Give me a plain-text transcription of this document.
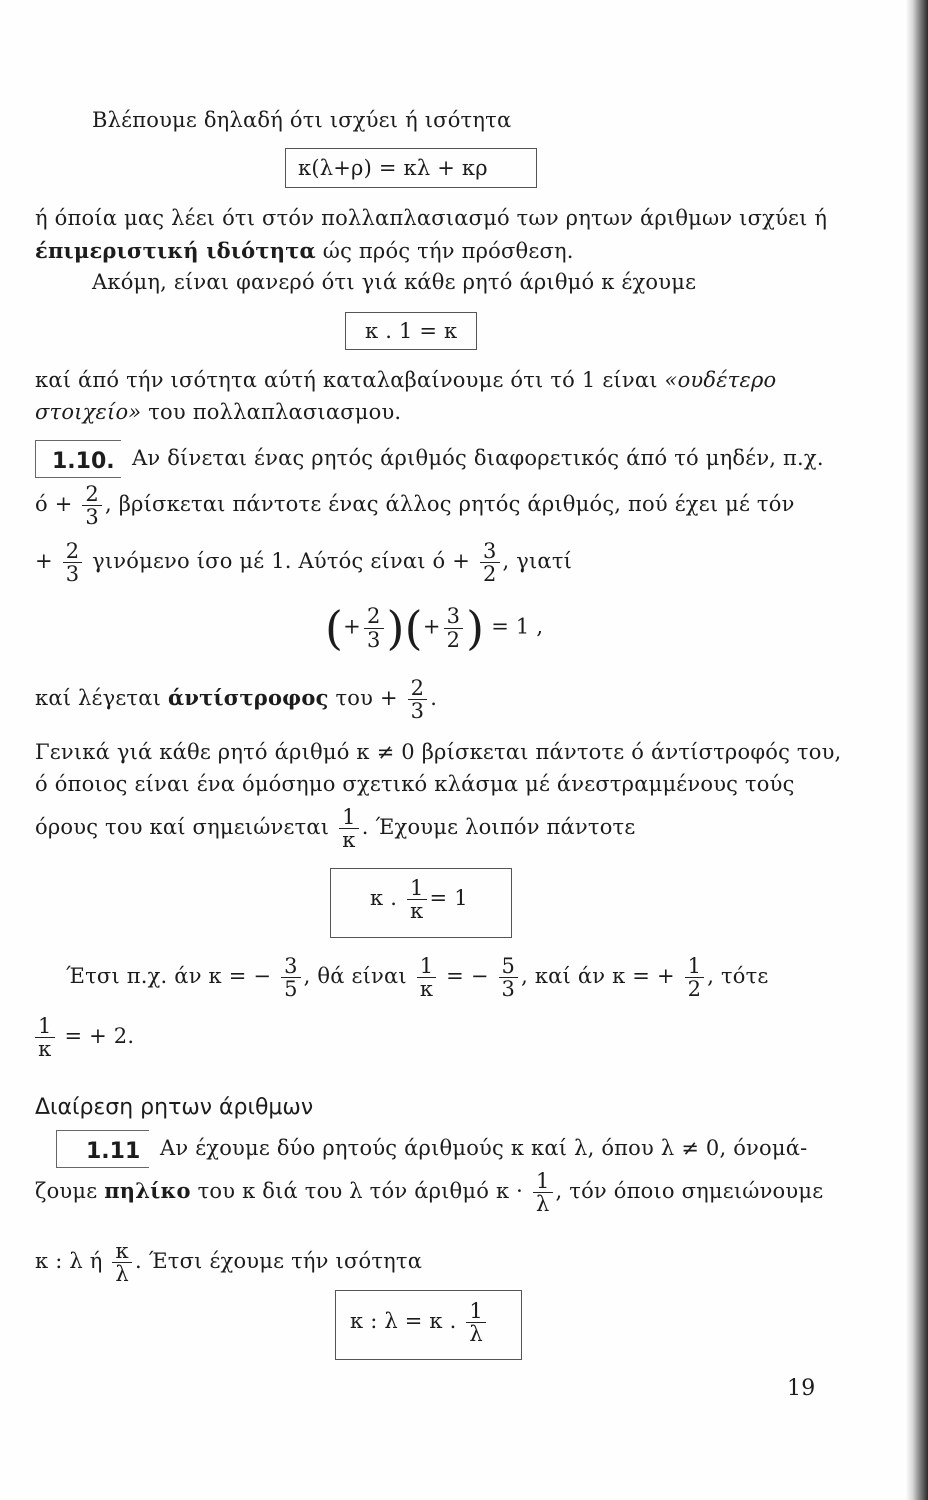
Βλέπουμε δηλαδή ότι ισχύει ή ισότητα
κ(λ+ρ) = κλ + κρ
ή όποία μας λέει ότι στόν πολλαπλασιασμό των ρητων άριθμων ισχύει ή
έπιμεριστική ιδιότητα ώς πρός τήν πρόσθεση.
Ακόμη, είναι φανερό ότι γιά κάθε ρητό άριθμό κ έχουμε
κ . 1 = κ
καί άπό τήν ισότητα αύτή καταλαβαίνουμε ότι τό 1 είναι «ουδέτερο
στοιχείο» του πολλαπλασιασμου.
1.10. Αν δίνεται ένας ρητός άριθμός διαφορετικός άπό τό μηδέν, π.χ.
$ό + \frac{2}{3}$ , βρίσκεται πάντοτε ένας άλλος ρητός άριθμός, πού έχει μέ τόν
+ $\frac{2}{3}$ γινόμενο ίσο μέ 1. Αύτός είναι $ό + \frac{3}{2}$ , γιατί
(+ $\frac{2}{3}$ )(+ $\frac{3}{2}$ ) = 1 ,
καί λέγεται άντίστροφος $\tau o\upsilon + \frac{2}{3}$ .
Γενικά γιά κάθε ρητό άριθμό κ ≠ 0 βρίσκεται πάντοτε ό άντίστροφός του,
ό όποιος είναι ένα όμόσημο σχετικό κλάσμα μέ άνεστραμμένους τούς
όρους του καί σημειώνεται $\frac{1}{\kappa}$ . Έχουμε λοιπόν πάντοτε
κ . $\frac{1}{\kappa} = 1$
Έτσι π.χ. άν κ = − $\frac{3}{5}$ , θά είναι $\frac{1}{\kappa}$ = − $\frac{5}{3}$ , καί άν κ = + $\frac{1}{2}$ , τότε
$\frac{1}{\kappa}$ = + 2.
Διαίρεση ρητων άριθμων
1.11 Αν έχουμε δύο ρητούς άριθμούς κ καί λ, όπου λ ≠ 0, όνομά-
ζουμε πηλίκο του κ διά του λ τόν άριθμό $\kappa \cdot \frac{1}{\lambda}$ , τόν όποιο σημειώνουμε
κ : λ ή $\frac{\kappa}{\lambda}$ . Έτσι έχουμε τήν ισότητα
κ : λ = κ . $\frac{1}{\lambda}$
19
